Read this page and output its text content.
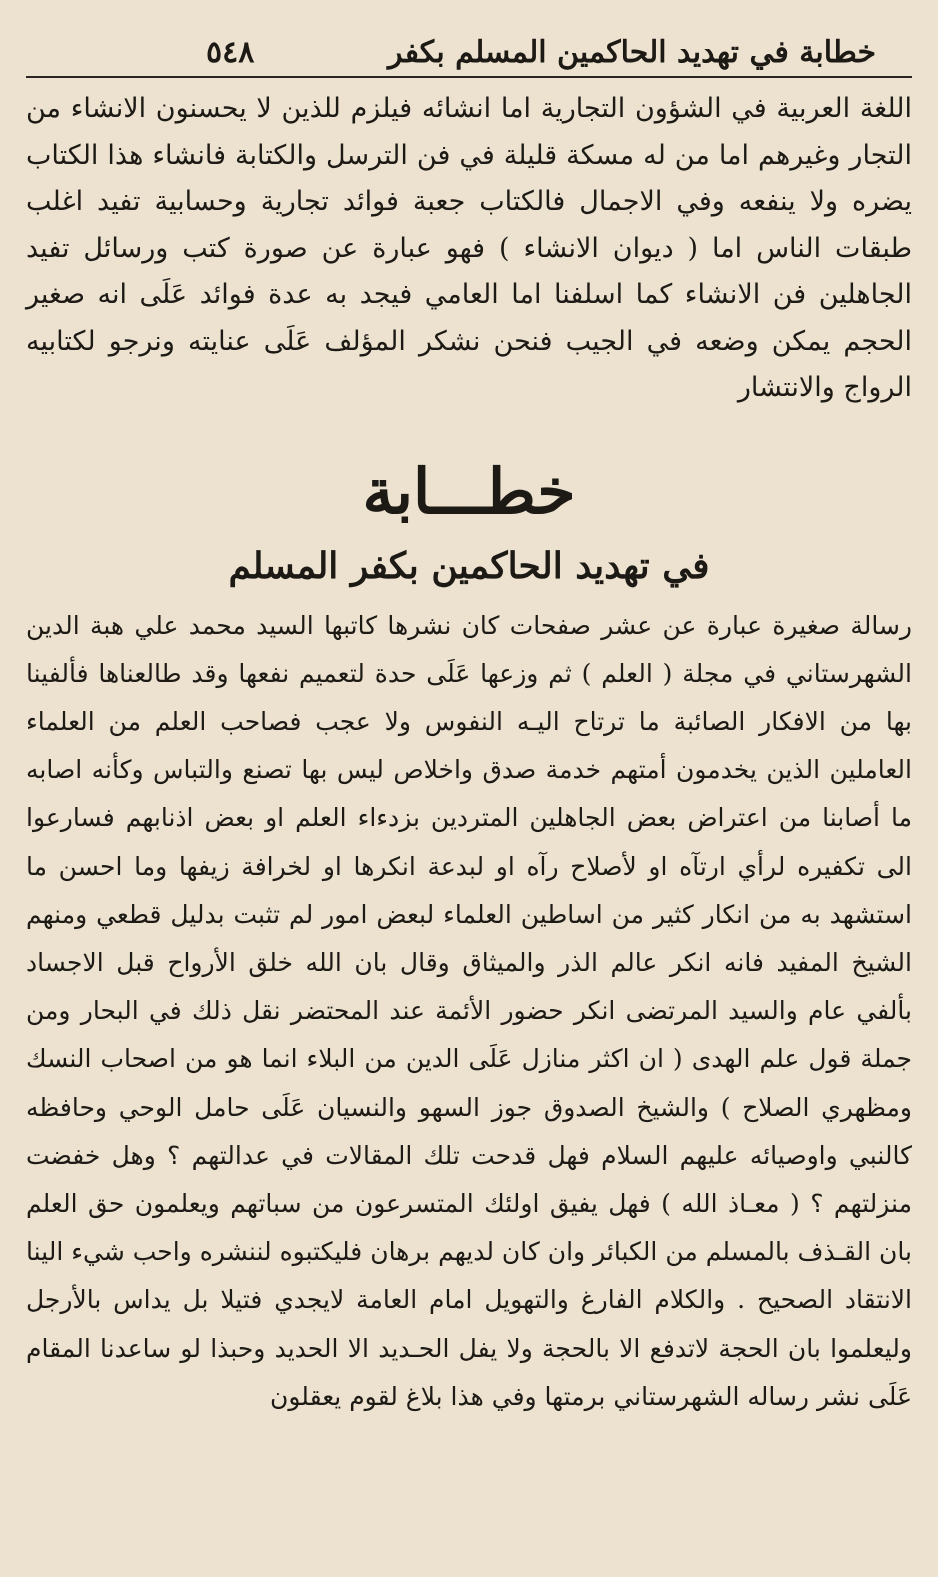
خطابة في تهديد الحاكمين المسلم بكفر
٥٤٨

اللغة العربية في الشؤون التجارية اما انشائه فيلزم للذين لا يحسنون الانشاء من التجار وغيرهم اما من له مسكة قليلة في فن الترسل والكتابة فانشاء هذا الكتاب يضره ولا ينفعه وفي الاجمال فالكتاب جعبة فوائد تجارية وحسابية تفيد اغلب طبقات الناس اما ( ديوان الانشاء ) فهو عبارة عن صورة كتب ورسائل تفيد الجاهلين فن الانشاء كما اسلفنا اما العامي فيجد به عدة فوائد عَلَى انه صغير الحجم يمكن وضعه في الجيب فنحن نشكر المؤلف عَلَى عنايته ونرجو لكتابيه الرواج والانتشار

خطـــابة
في تهديد الحاكمين بكفر المسلم

رسالة صغيرة عبارة عن عشر صفحات كان نشرها كاتبها السيد محمد علي هبة الدين الشهرستاني في مجلة ( العلم ) ثم وزعها عَلَى حدة لتعميم نفعها وقد طالعناها فألفينا بها من الافكار الصائبة ما ترتاح اليـه النفوس ولا عجب فصاحب العلم من العلماء العاملين الذين يخدمون أمتهم خدمة صدق واخلاص ليس بها تصنع والتباس وكأنه اصابه ما أصابنا من اعتراض بعض الجاهلين المتردين بزدءاء العلم او بعض اذنابهم فسارعوا الى تكفيره لرأي ارتآه او لأصلاح رآه او لبدعة انكرها او لخرافة زيفها وما احسن ما استشهد به من انكار كثير من اساطين العلماء لبعض امور لم تثبت بدليل قطعي ومنهم الشيخ المفيد فانه انكر عالم الذر والميثاق وقال بان الله خلق الأرواح قبل الاجساد بألفي عام والسيد المرتضى انكر حضور الأئمة عند المحتضر نقل ذلك في البحار ومن جملة قول علم الهدى ( ان اكثر منازل عَلَى الدين من البلاء انما هو من اصحاب النسك ومظهري الصلاح ) والشيخ الصدوق جوز السهو والنسيان عَلَى حامل الوحي وحافظه كالنبي واوصيائه عليهم السلام فهل قدحت تلك المقالات في عدالتهم ؟ وهل خفضت منزلتهم ؟ ( معـاذ الله ) فهل يفيق اولئك المتسرعون من سباتهم ويعلمون حق العلم بان القـذف بالمسلم من الكبائر وان كان لديهم برهان فليكتبوه لننشره واحب شيء الينا الانتقاد الصحيح . والكلام الفارغ والتهويل امام العامة لايجدي فتيلا بل يداس بالأرجل وليعلموا بان الحجة لاتدفع الا بالحجة ولا يفل الحـديد الا الحديد وحبذا لو ساعدنا المقام عَلَى نشر رساله الشهرستاني برمتها وفي هذا بلاغ لقوم يعقلون
